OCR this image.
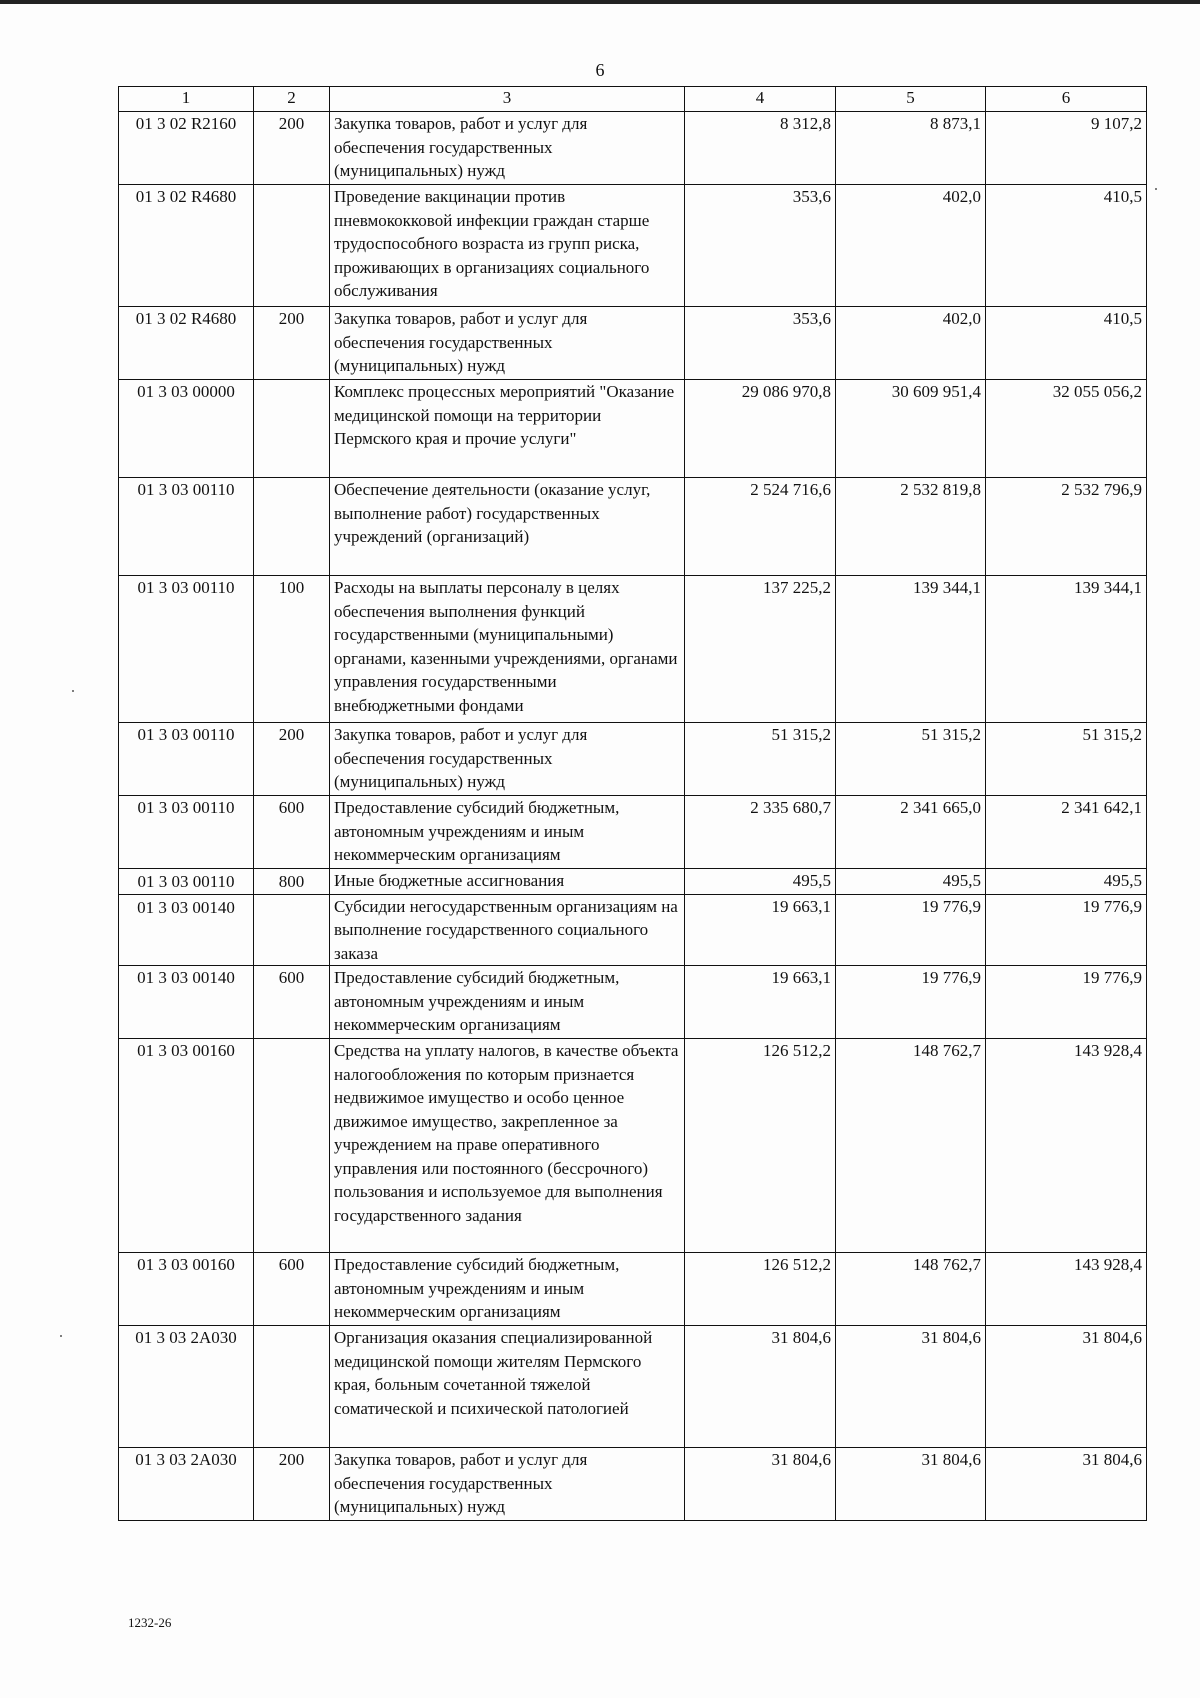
6
1	2	3	4	5	6
01 3 02 R2160	200	Закупка товаров, работ и услуг для обеспечения государственных (муниципальных) нужд	8 312,8	8 873,1	9 107,2
01 3 02 R4680		Проведение вакцинации против пневмококковой инфекции граждан старше трудоспособного возраста из групп риска, проживающих в организациях социального обслуживания	353,6	402,0	410,5
01 3 02 R4680	200	Закупка товаров, работ и услуг для обеспечения государственных (муниципальных) нужд	353,6	402,0	410,5
01 3 03 00000		Комплекс процессных мероприятий "Оказание медицинской помощи на территории Пермского края и прочие услуги"	29 086 970,8	30 609 951,4	32 055 056,2
01 3 03 00110		Обеспечение деятельности (оказание услуг, выполнение работ) государственных учреждений (организаций)	2 524 716,6	2 532 819,8	2 532 796,9
01 3 03 00110	100	Расходы на выплаты персоналу в целях обеспечения выполнения функций государственными (муниципальными) органами, казенными учреждениями, органами управления государственными внебюджетными фондами	137 225,2	139 344,1	139 344,1
01 3 03 00110	200	Закупка товаров, работ и услуг для обеспечения государственных (муниципальных) нужд	51 315,2	51 315,2	51 315,2
01 3 03 00110	600	Предоставление субсидий бюджетным, автономным учреждениям и иным некоммерческим организациям	2 335 680,7	2 341 665,0	2 341 642,1
01 3 03 00110	800	Иные бюджетные ассигнования	495,5	495,5	495,5
01 3 03 00140		Субсидии негосударственным организациям на выполнение государственного социального заказа	19 663,1	19 776,9	19 776,9
01 3 03 00140	600	Предоставление субсидий бюджетным, автономным учреждениям и иным некоммерческим организациям	19 663,1	19 776,9	19 776,9
01 3 03 00160		Средства на уплату налогов, в качестве объекта налогообложения по которым признается недвижимое имущество и особо ценное движимое имущество, закрепленное за учреждением на праве оперативного управления или постоянного (бессрочного) пользования и используемое для выполнения государственного задания	126 512,2	148 762,7	143 928,4
01 3 03 00160	600	Предоставление субсидий бюджетным, автономным учреждениям и иным некоммерческим организациям	126 512,2	148 762,7	143 928,4
01 3 03 2А030		Организация оказания специализированной медицинской помощи жителям Пермского края, больным сочетанной тяжелой соматической и психической патологией	31 804,6	31 804,6	31 804,6
01 3 03 2А030	200	Закупка товаров, работ и услуг для обеспечения государственных (муниципальных) нужд	31 804,6	31 804,6	31 804,6
1232-26
